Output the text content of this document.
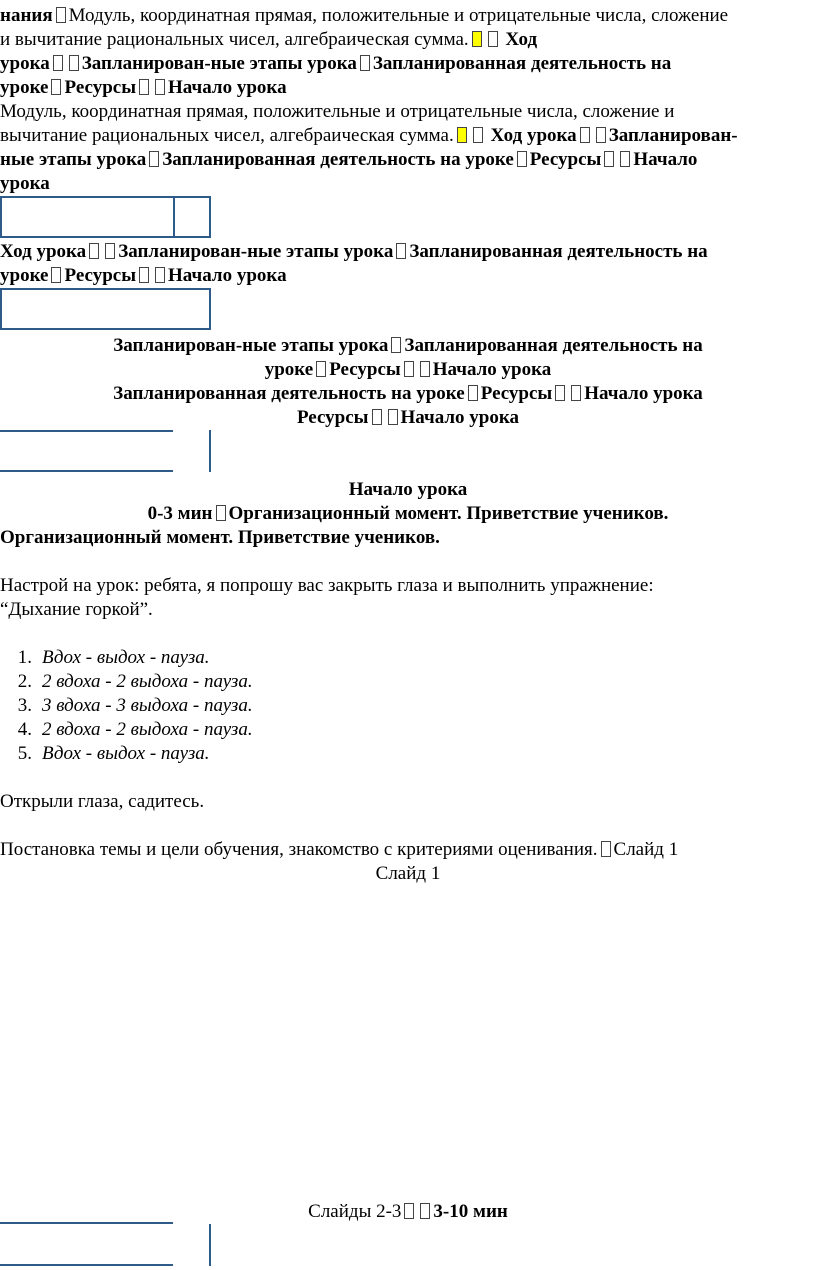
нания Модуль, координатная прямая, положительные и отрицательные числа, сложение
и вычитание рациональных чисел, алгебраическая сумма. Ход
урока Запланирован-ные этапы урока Запланированная деятельность на
уроке Ресурсы Начало урока
Модуль, координатная прямая, положительные и отрицательные числа, сложение и
вычитание рациональных чисел, алгебраическая сумма. Ход урока Запланирован-
ные этапы урока Запланированная деятельность на уроке Ресурсы Начало
урока
Ход урока Запланирован-ные этапы урока Запланированная деятельность на
уроке Ресурсы Начало урока
Запланирован-ные этапы урока Запланированная деятельность на
уроке Ресурсы Начало урока
Запланированная деятельность на уроке Ресурсы Начало урока
Ресурсы Начало урока
Начало урока
0-3 мин Организационный момент. Приветствие учеников.
Организационный момент. Приветствие учеников.
Настрой на урок: ребята, я попрошу вас закрыть глаза и выполнить упражнение:
“Дыхание горкой”.
1. Вдох - выдох - пауза.
2. 2 вдоха - 2 выдоха - пауза.
3. 3 вдоха - 3 выдоха - пауза.
4. 2 вдоха - 2 выдоха - пауза.
5. Вдох - выдох - пауза.
Открыли глаза, садитесь.
Постановка темы и цели обучения, знакомство с критериями оценивания. Слайд 1
Слайд 1
Слайды 2-3 3-10 мин
